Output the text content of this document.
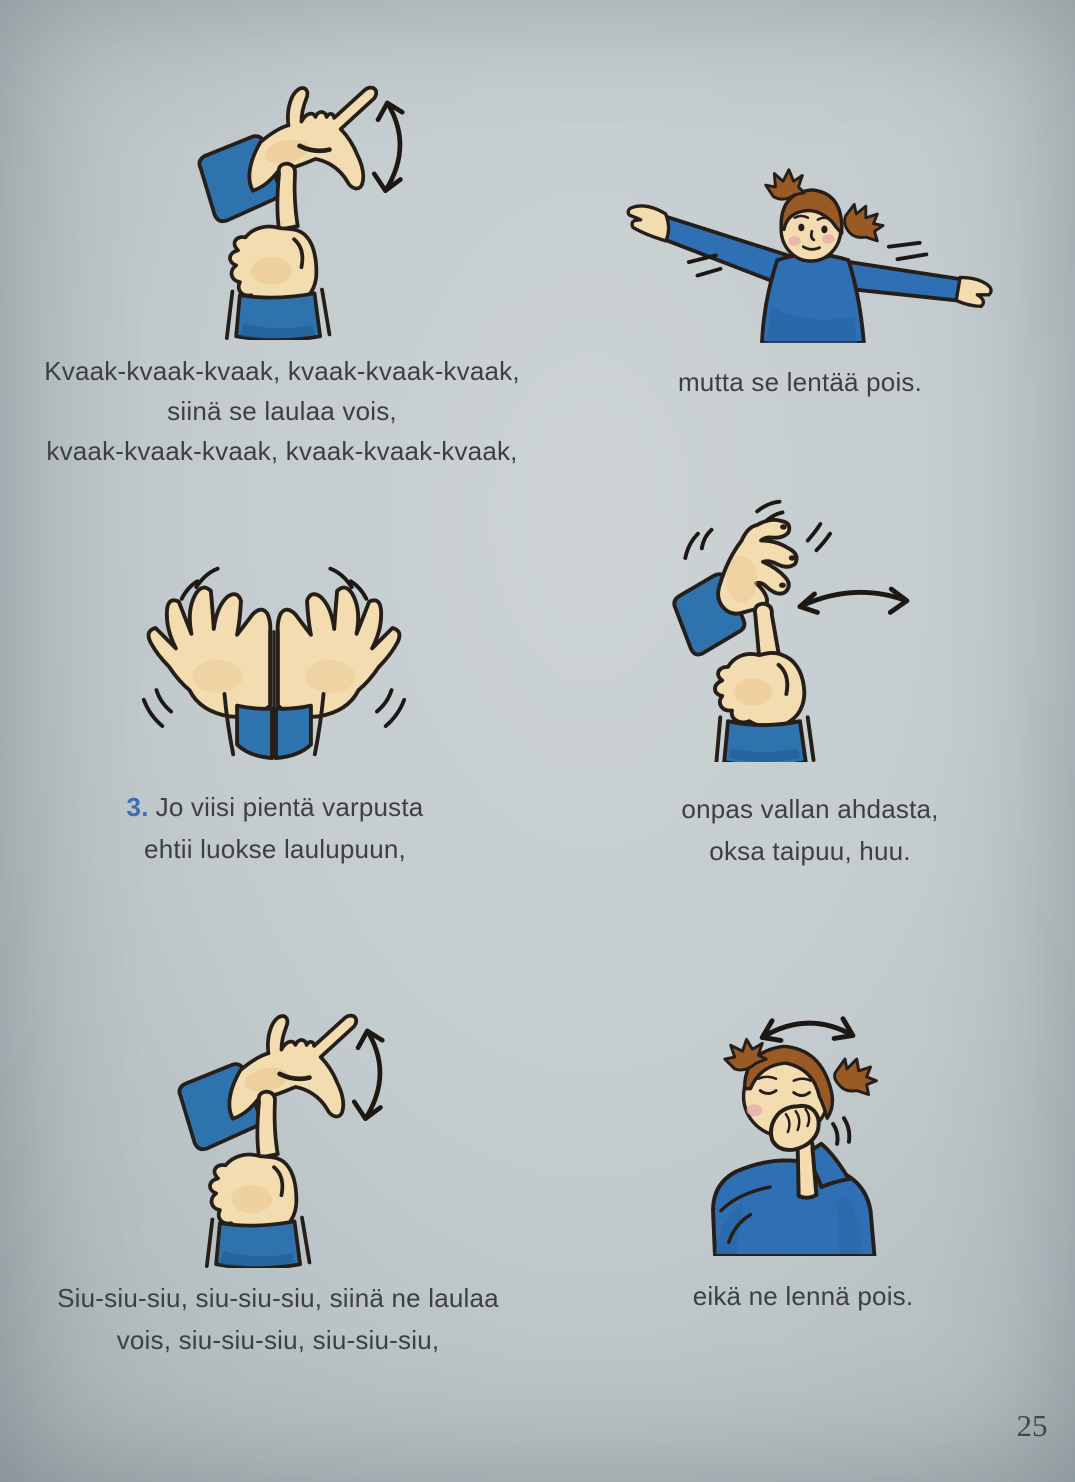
Kvaak-kvaak-kvaak, kvaak-kvaak-kvaak,
siinä se laulaa vois,
kvaak-kvaak-kvaak, kvaak-kvaak-kvaak,
mutta se lentää pois.
3. Jo viisi pientä varpusta
ehtii luokse laulupuun,
onpas vallan ahdasta,
oksa taipuu, huu.
Siu-siu-siu, siu-siu-siu, siinä ne laulaa
vois, siu-siu-siu, siu-siu-siu,
eikä ne lennä pois.
25
